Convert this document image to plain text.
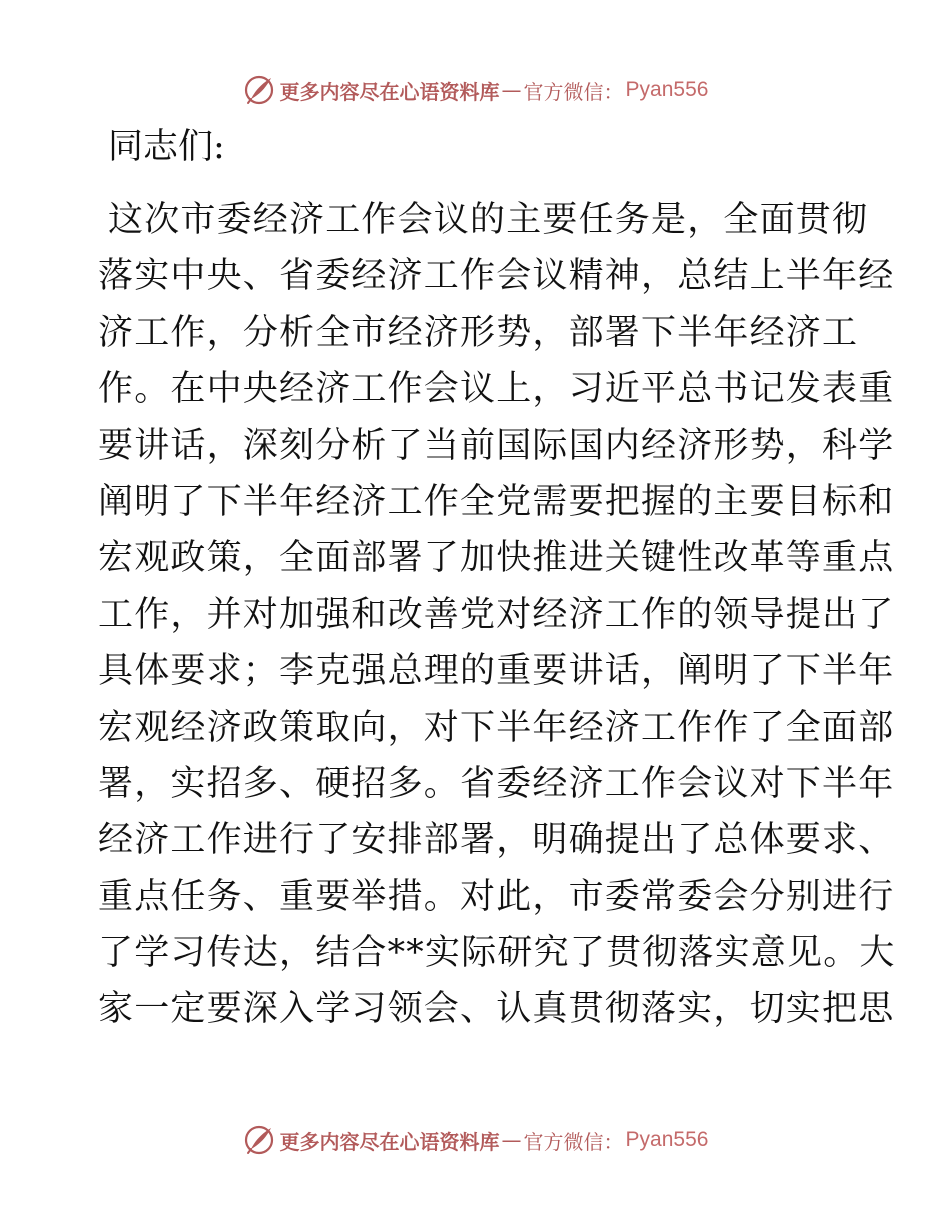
更多内容尽在心语资料库 — 官方微信： Pyan556
同志们:
这次市委经济工作会议的主要任务是，全面贯彻
落实中央、省委经济工作会议精神，总结上半年经
济工作，分析全市经济形势，部署下半年经济工
作。在中央经济工作会议上，习近平总书记发表重
要讲话，深刻分析了当前国际国内经济形势，科学
阐明了下半年经济工作全党需要把握的主要目标和
宏观政策，全面部署了加快推进关键性改革等重点
工作，并对加强和改善党对经济工作的领导提出了
具体要求；李克强总理的重要讲话，阐明了下半年
宏观经济政策取向，对下半年经济工作作了全面部
署，实招多、硬招多。省委经济工作会议对下半年
经济工作进行了安排部署，明确提出了总体要求、
重点任务、重要举措。对此，市委常委会分别进行
了学习传达，结合**实际研究了贯彻落实意见。大
家一定要深入学习领会、认真贯彻落实，切实把思
更多内容尽在心语资料库 — 官方微信： Pyan556
